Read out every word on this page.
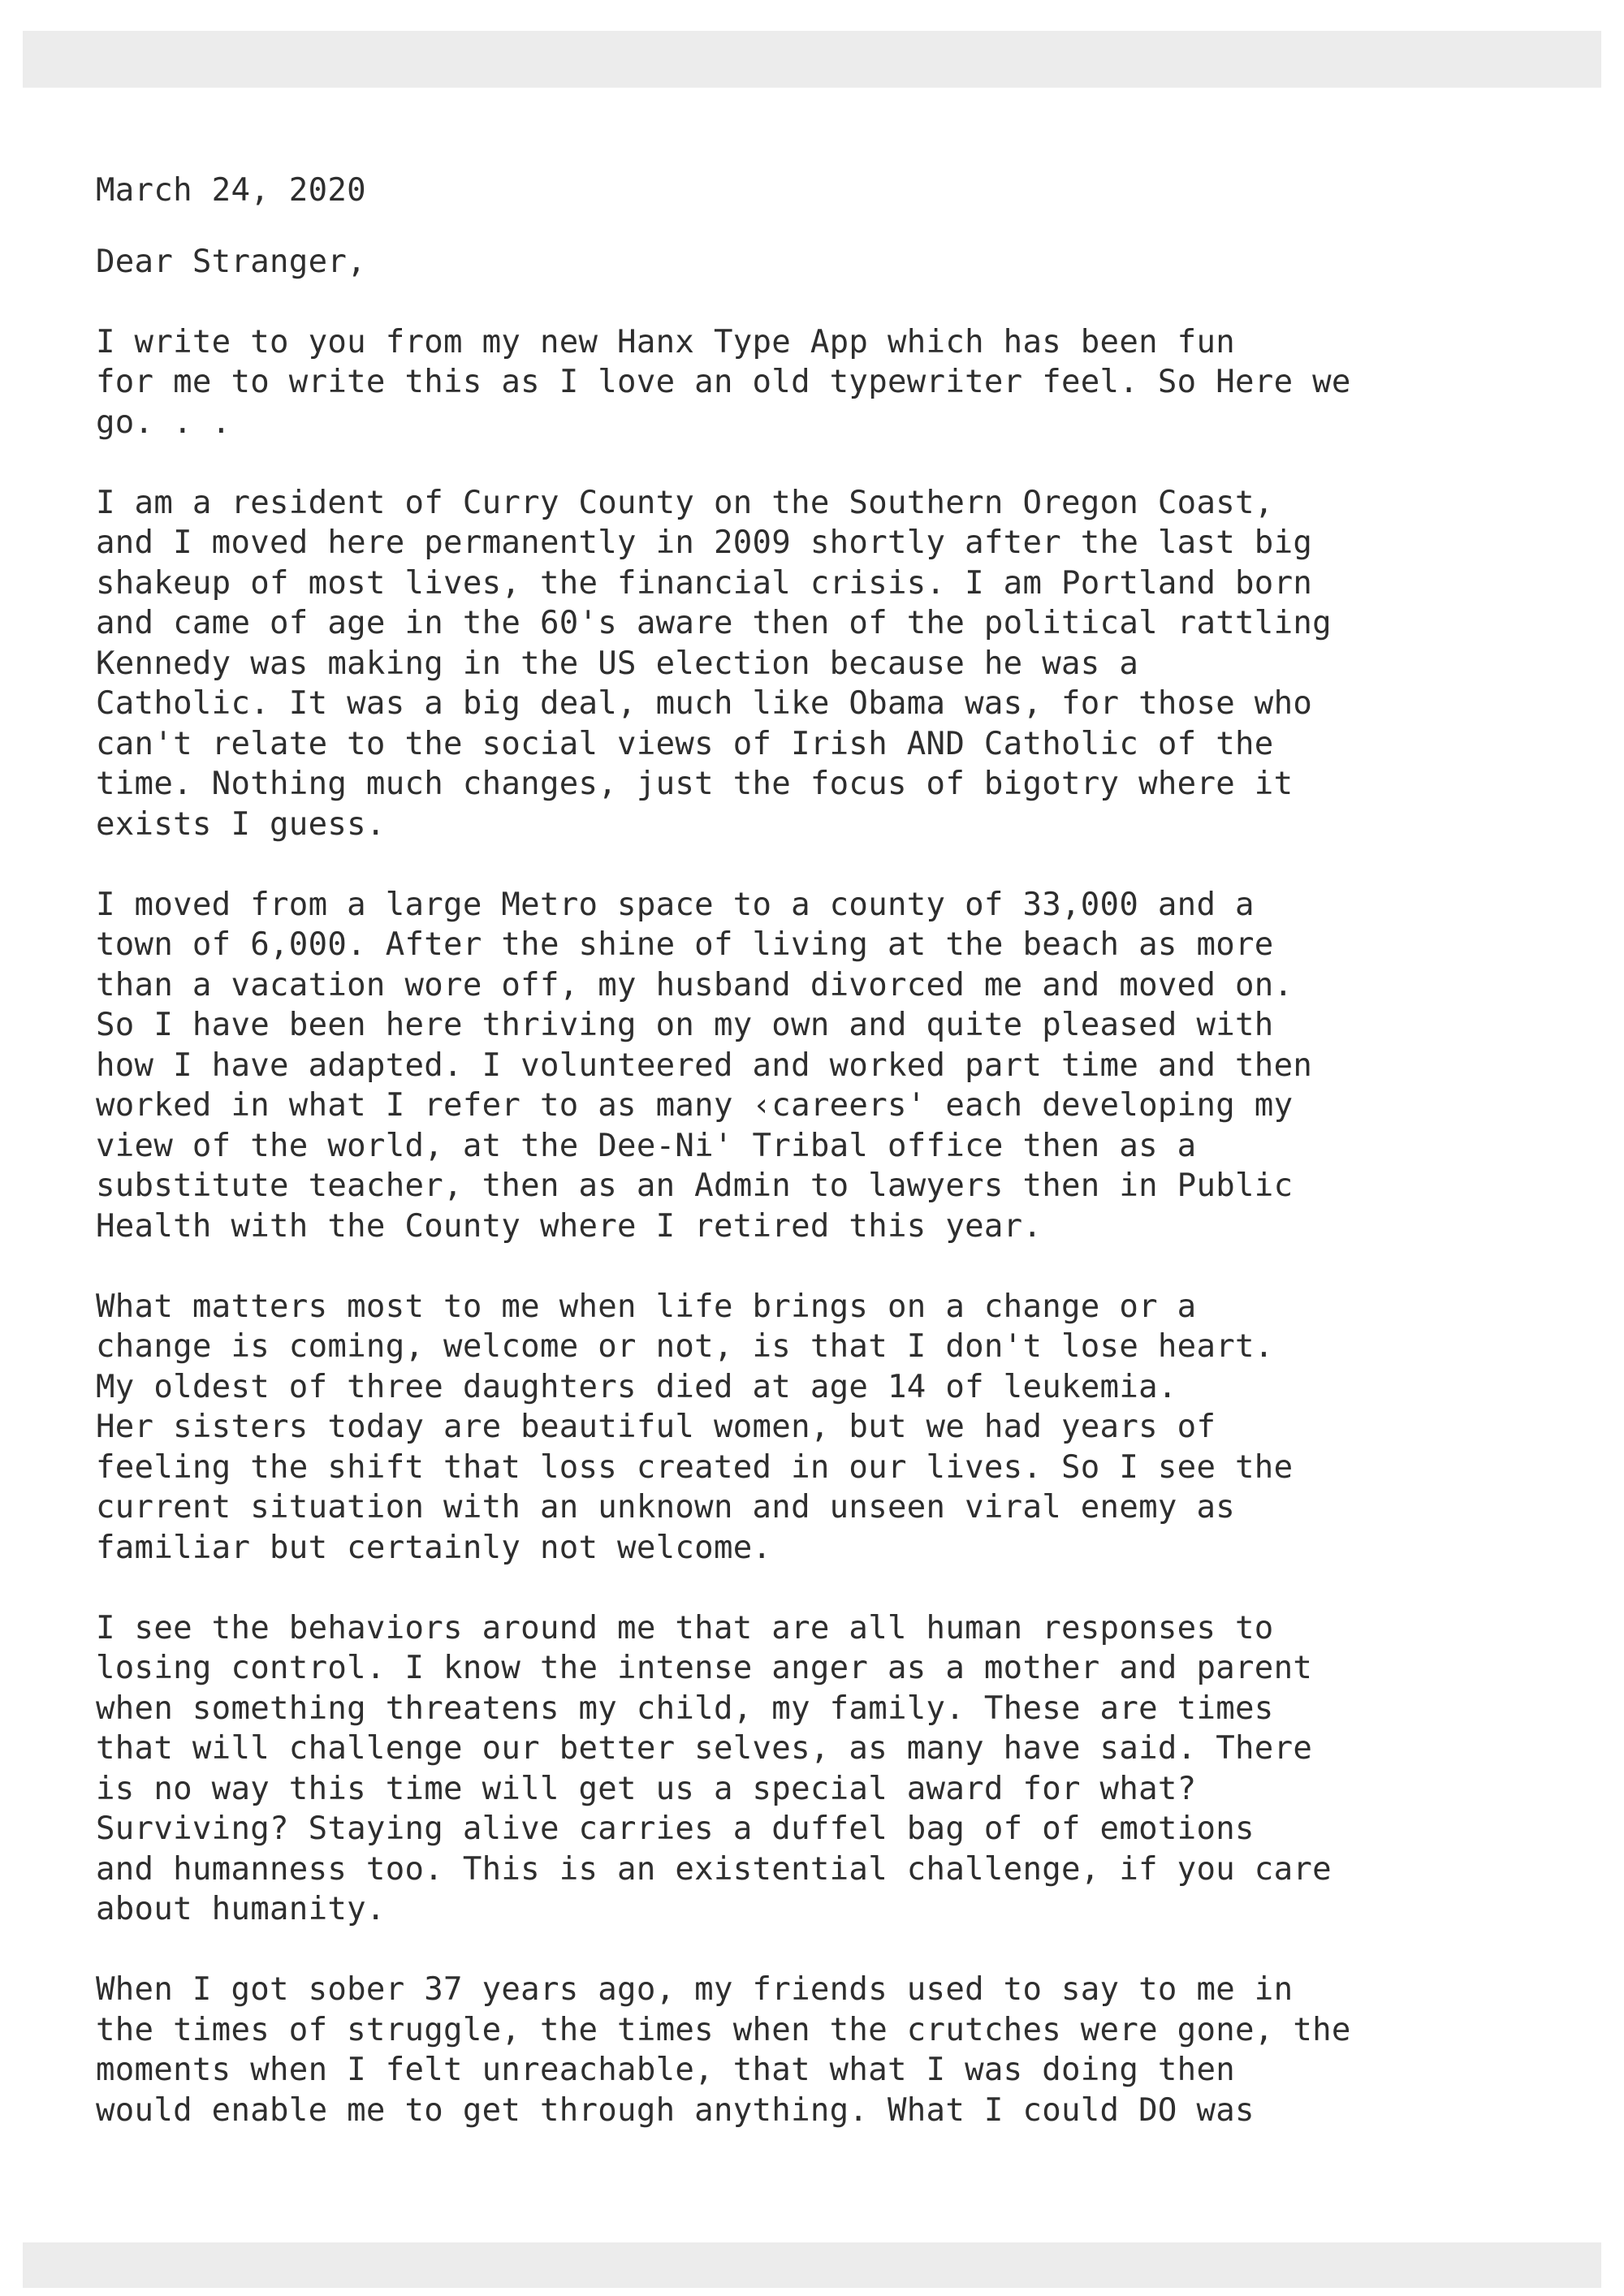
March 24, 2020
Dear Stranger,
I write to you from my new Hanx Type App which has been fun
for me to write this as I love an old typewriter feel. So Here we
go. . .
I am a resident of Curry County on the Southern Oregon Coast,
and I moved here permanently in 2009 shortly after the last big
shakeup of most lives, the financial crisis. I am Portland born
and came of age in the 60's aware then of the political rattling
Kennedy was making in the US election because he was a
Catholic. It was a big deal, much like Obama was, for those who
can't relate to the social views of Irish AND Catholic of the
time. Nothing much changes, just the focus of bigotry where it
exists I guess.
I moved from a large Metro space to a county of 33,000 and a
town of 6,000. After the shine of living at the beach as more
than a vacation wore off, my husband divorced me and moved on.
So I have been here thriving on my own and quite pleased with
how I have adapted. I volunteered and worked part time and then
worked in what I refer to as many ‹careers' each developing my
view of the world, at the Dee-Ni' Tribal office then as a
substitute teacher, then as an Admin to lawyers then in Public
Health with the County where I retired this year.
What matters most to me when life brings on a change or a
change is coming, welcome or not, is that I don't lose heart.
My oldest of three daughters died at age 14 of leukemia.
Her sisters today are beautiful women, but we had years of
feeling the shift that loss created in our lives. So I see the
current situation with an unknown and unseen viral enemy as
familiar but certainly not welcome.
I see the behaviors around me that are all human responses to
losing control. I know the intense anger as a mother and parent
when something threatens my child, my family. These are times
that will challenge our better selves, as many have said. There
is no way this time will get us a special award for what?
Surviving? Staying alive carries a duffel bag of of emotions
and humanness too. This is an existential challenge, if you care
about humanity.
When I got sober 37 years ago, my friends used to say to me in
the times of struggle, the times when the crutches were gone, the
moments when I felt unreachable, that what I was doing then
would enable me to get through anything. What I could DO was
